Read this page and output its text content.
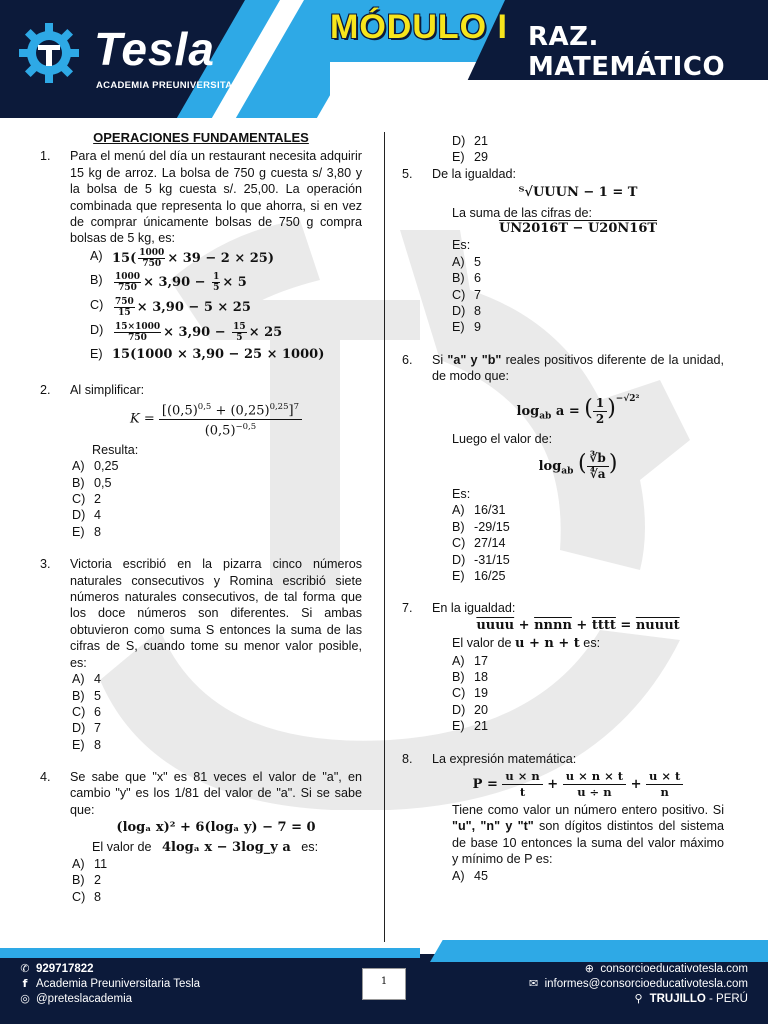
Tesla
ACADEMIA PREUNIVERSITARIA
MÓDULO I RAZ. MATEMÁTICO
OPERACIONES FUNDAMENTALES
1. Para el menú del día un restaurant necesita adquirir 15 kg de arroz. La bolsa de 750 g cuesta s/ 3,80 y la bolsa de 5 kg cuesta s/. 25,00. La operación combinada que representa lo que ahorra, si en vez de comprar únicamente bolsas de 750 g compra bolsas de 5 kg, es:
A) $15( \frac{1000}{750} \times 39 - 2 \times 25)$
$B) \frac{1000}{750} \times 3,90 - \frac{1}{5} \times 5$
$C) \frac{750}{15} \times 3,90 - 5 \times 25$
$D) \frac{15\times 1000}{750} \times 3,90 - \frac{15}{5} \times 25$
E) 15(1000 × 3,90 − 25 × 1000)
2. Al simplificar:
$K = \frac{[(0,5)^{0,5} + (0,25)^{0,25}]^7}{(0,5)^{-0,5}}$
Resulta:
A) 0,25
B) 0,5
C) 2
D) 4
E) 8
3. Victoria escribió en la pizarra cinco números naturales consecutivos y Romina escribió siete números naturales consecutivos, de tal forma que los doce números son diferentes. Si ambas obtuvieron como suma S entonces la suma de las cifras de S, cuando tome su menor valor posible, es:
A) 4
B) 5
C) 6
D) 7
E) 8
4. Se sabe que "x" es 81 veces el valor de "a", en cambio "y" es los 1/81 del valor de "a". Si se sabe que:
(logₐ x)² + 6(logₐ y) − 7 = 0
El valor de 4logₐ x − 3log_y a es:
A) 11
B) 2
C) 8
D) 21
E) 29
5. De la igualdad:
ᵀ√UUUN − 1 = T
La suma de las cifras de:
UN2016T − U20N16T
Es:
A) 5
B) 6
C) 7
D) 8
E) 9
6. Si "a" y "b" reales positivos diferente de la unidad, de modo que:
$\log_{ab} a$ = ( $\frac{1}{2} )^{-√2^2}$
Luego el valor de:
$\log_{ab}$ ( $\frac{∛b}{∜a}$ )
Es:
A) 16/31
B) -29/15
C) 27/14
D) -31/15
E) 16/25
7. En la igualdad:
uuuu + nnnn + tttt = nuuut
El valor de u + n + t es:
A) 17
B) 18
C) 19
D) 20
E) 21
8. La expresión matemática:
$P = \frac{u \times n}{t} + \frac{u \times n \times t}{u \div n} + \frac{u \times t}{n}$
Tiene como valor un número entero positivo. Si "u", "n" y "t" son dígitos distintos del sistema de base 10 entonces la suma del valor máximo y mínimo de P es:
A) 45
✆ 929717822
f Academia Preuniversitaria Tesla
◎ @preteslacademia
1
⊕ consorcioeducativotesla.com
✉ informes@consorcioeducativotesla.com
⚲ TRUJILLO - PERÚ
